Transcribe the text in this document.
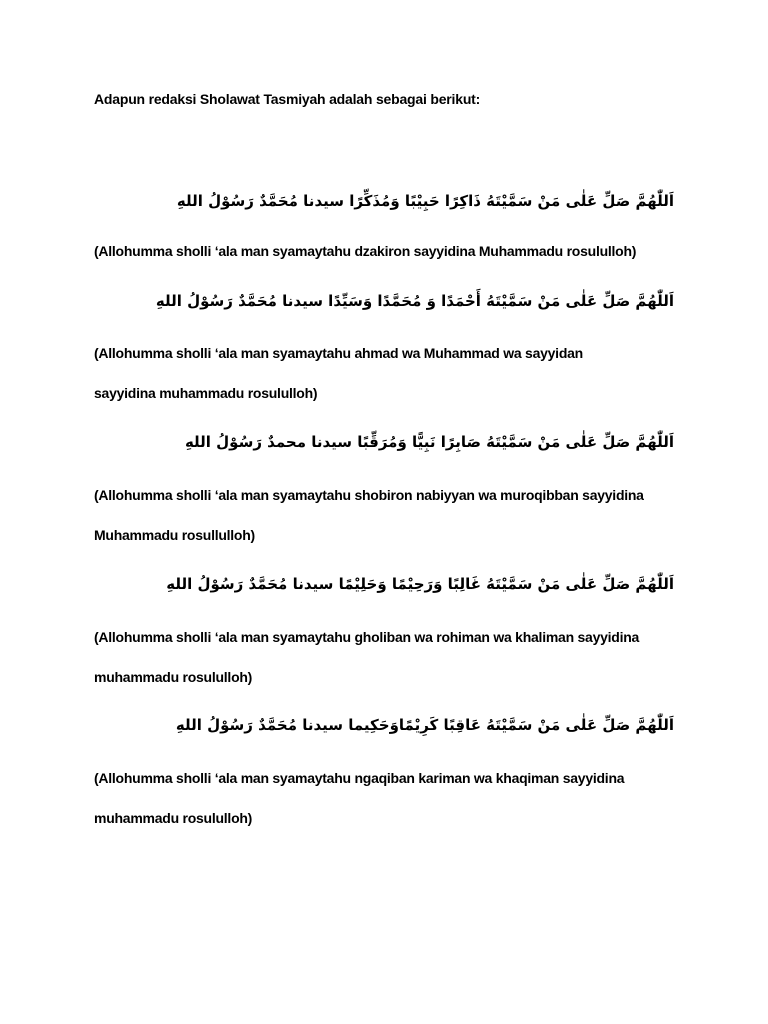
Adapun redaksi Sholawat Tasmiyah adalah sebagai berikut:
اَللّٰهُمَّ صَلِّ عَلٰى مَنْ سَمَّيْتَهُ ذَاكِرًا حَبِيْبًا وَمُذَكِّرًا سيدنا مُحَمَّدٌ رَسُوْلُ اللهِ
(Allohumma sholli ‘ala man syamaytahu dzakiron sayyidina Muhammadu rosululloh)
اَللّٰهُمَّ صَلِّ عَلٰى مَنْ سَمَّيْتَهُ أَحْمَدًا وَ مُحَمَّدًا وَسَيِّدًا سيدنا مُحَمَّدٌ رَسُوْلُ اللهِ
(Allohumma sholli ‘ala man syamaytahu ahmad wa Muhammad wa sayyidan
sayyidina muhammadu rosululloh)
اَللّٰهُمَّ صَلِّ عَلٰى مَنْ سَمَّيْتَهُ صَابِرًا نَبِيًّا وَمُرَقِّبًا سيدنا محمدٌ رَسُوْلُ اللهِ
(Allohumma sholli ‘ala man syamaytahu shobiron nabiyyan wa muroqibban sayyidina
Muhammadu rosullulloh)
اَللّٰهُمَّ صَلِّ عَلٰى مَنْ سَمَّيْتَهُ غَالِبًا وَرَحِيْمًا وَحَلِيْمًا سيدنا مُحَمَّدٌ رَسُوْلُ اللهِ
(Allohumma sholli ‘ala man syamaytahu gholiban wa rohiman wa khaliman sayyidina
muhammadu rosululloh)
اَللّٰهُمَّ صَلِّ عَلٰى مَنْ سَمَّيْتَهُ عَاقِبًا كَرِيْمًاوَحَكِيما سيدنا مُحَمَّدٌ رَسُوْلُ اللهِ
(Allohumma sholli ‘ala man syamaytahu ngaqiban kariman wa khaqiman sayyidina
muhammadu rosululloh)
